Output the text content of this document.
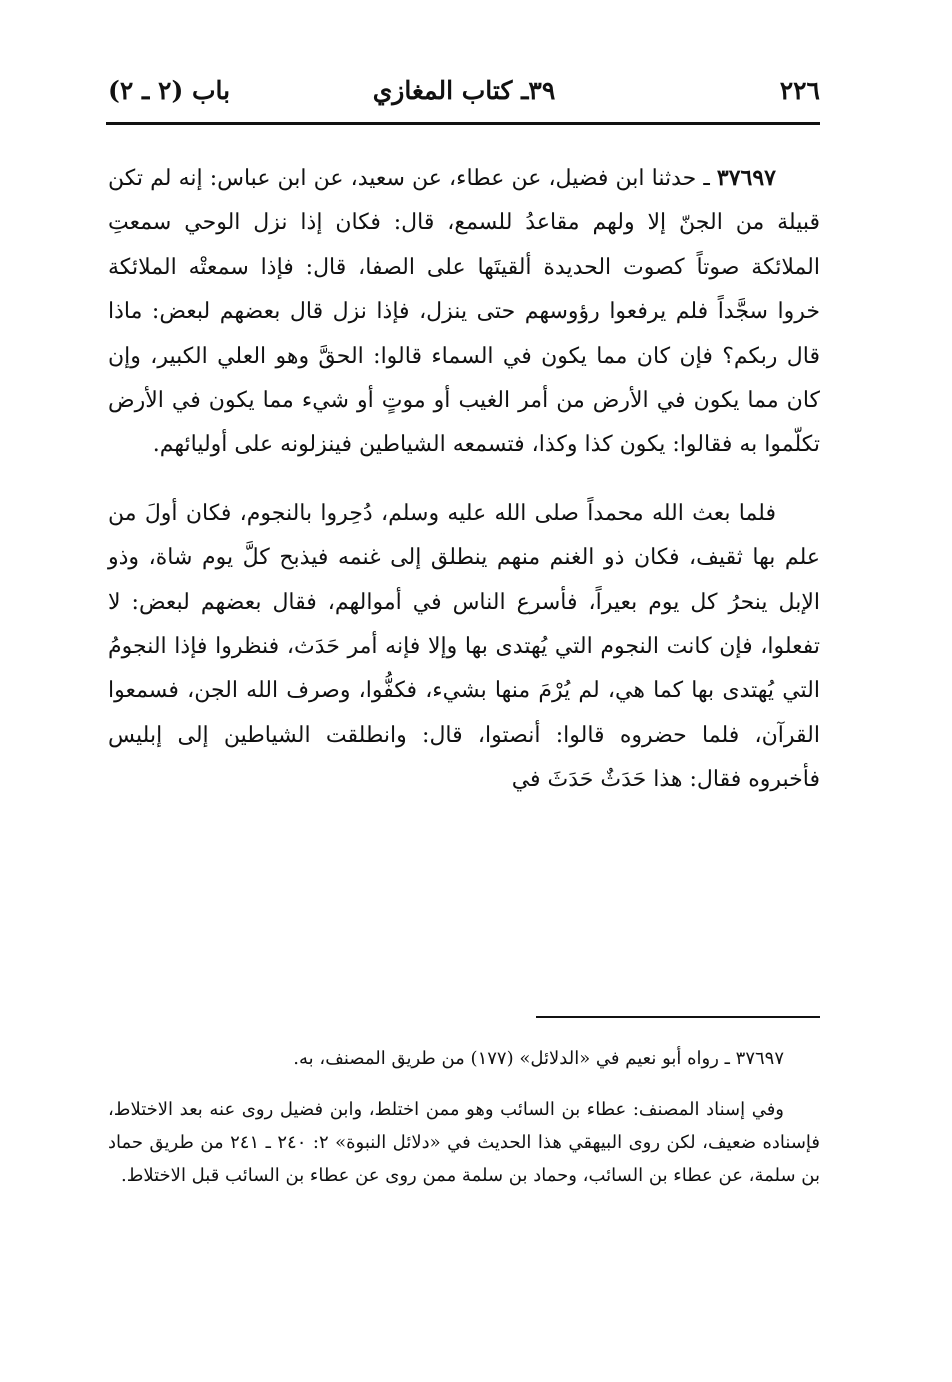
٢٢٦
٣٩ـ كتاب المغازي
باب (٢ ـ ٢)

٣٧٦٩٧ ـ حدثنا ابن فضيل، عن عطاء، عن سعيد، عن ابن عباس: إنه لم تكن قبيلة من الجنّ إلا ولهم مقاعدُ للسمع، قال: فكان إذا نزل الوحي سمعتِ الملائكة صوتاً كصوت الحديدة ألقيتَها على الصفا، قال: فإذا سمعتْه الملائكة خروا سجَّداً فلم يرفعوا رؤوسهم حتى ينزل، فإذا نزل قال بعضهم لبعض: ماذا قال ربكم؟ فإن كان مما يكون في السماء قالوا: الحقَّ وهو العلي الكبير، وإن كان مما يكون في الأرض من أمر الغيب أو موتٍ أو شيء مما يكون في الأرض تكلّموا به فقالوا: يكون كذا وكذا، فتسمعه الشياطين فينزلونه على أوليائهم.

فلما بعث الله محمداً صلى الله عليه وسلم، دُحِروا بالنجوم، فكان أولَ من علم بها ثقيف، فكان ذو الغنم منهم ينطلق إلى غنمه فيذبح كلَّ يوم شاة، وذو الإبل ينحرُ كل يوم بعيراً، فأسرع الناس في أموالهم، فقال بعضهم لبعض: لا تفعلوا، فإن كانت النجوم التي يُهتدى بها وإلا فإنه أمر حَدَث، فنظروا فإذا النجومُ التي يُهتدى بها كما هي، لم يُرْمَ منها بشيء، فكفُّوا، وصرف الله الجن، فسمعوا القرآن، فلما حضروه قالوا: أنصتوا، قال: وانطلقت الشياطين إلى إبليس فأخبروه فقال: هذا حَدَثٌ حَدَثَ في

٣٧٦٩٧ ـ رواه أبو نعيم في «الدلائل» (١٧٧) من طريق المصنف، به.

وفي إسناد المصنف: عطاء بن السائب وهو ممن اختلط، وابن فضيل روى عنه بعد الاختلاط، فإسناده ضعيف، لكن روى البيهقي هذا الحديث في «دلائل النبوة» ٢: ٢٤٠ ـ ٢٤١ من طريق حماد بن سلمة، عن عطاء بن السائب، وحماد بن سلمة ممن روى عن عطاء بن السائب قبل الاختلاط.
